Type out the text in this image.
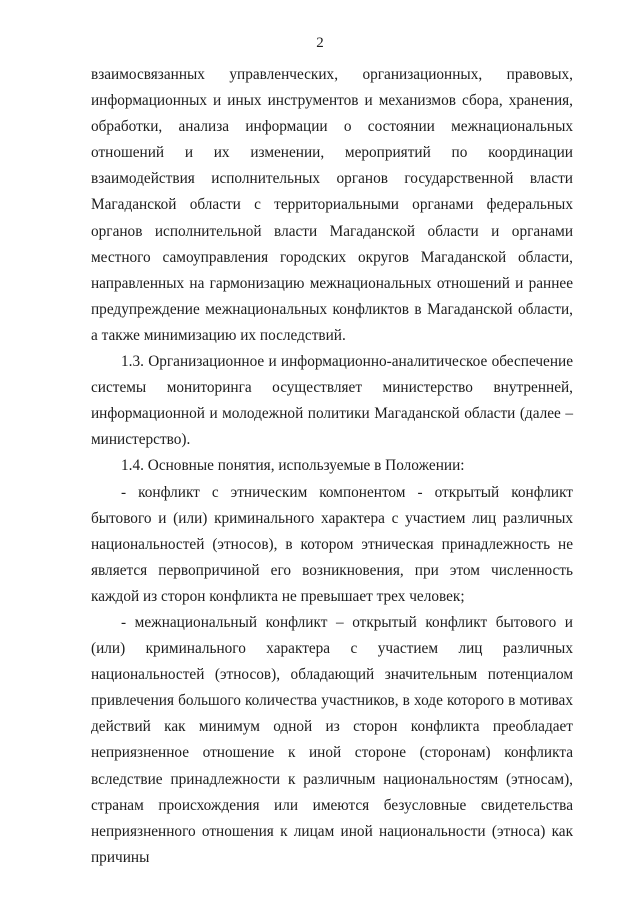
2

взаимосвязанных управленческих, организационных, правовых, информационных и иных инструментов и механизмов сбора, хранения, обработки, анализа информации о состоянии межнациональных отношений и их изменении, мероприятий по координации взаимодействия исполнительных органов государственной власти Магаданской области с территориальными органами федеральных органов исполнительной власти Магаданской области и органами местного самоуправления городских округов Магаданской области, направленных на гармонизацию межнациональных отношений и раннее предупреждение межнациональных конфликтов в Магаданской области, а также минимизацию их последствий.

1.3. Организационное и информационно-аналитическое обеспечение системы мониторинга осуществляет министерство внутренней, информационной и молодежной политики Магаданской области (далее – министерство).

1.4. Основные понятия, используемые в Положении:

- конфликт с этническим компонентом - открытый конфликт бытового и (или) криминального характера с участием лиц различных национальностей (этносов), в котором этническая принадлежность не является первопричиной его возникновения, при этом численность каждой из сторон конфликта не превышает трех человек;

- межнациональный конфликт – открытый конфликт бытового и (или) криминального характера с участием лиц различных национальностей (этносов), обладающий значительным потенциалом привлечения большого количества участников, в ходе которого в мотивах действий как минимум одной из сторон конфликта преобладает неприязненное отношение к иной стороне (сторонам) конфликта вследствие принадлежности к различным национальностям (этносам), странам происхождения или имеются безусловные свидетельства неприязненного отношения к лицам иной национальности (этноса) как причины
